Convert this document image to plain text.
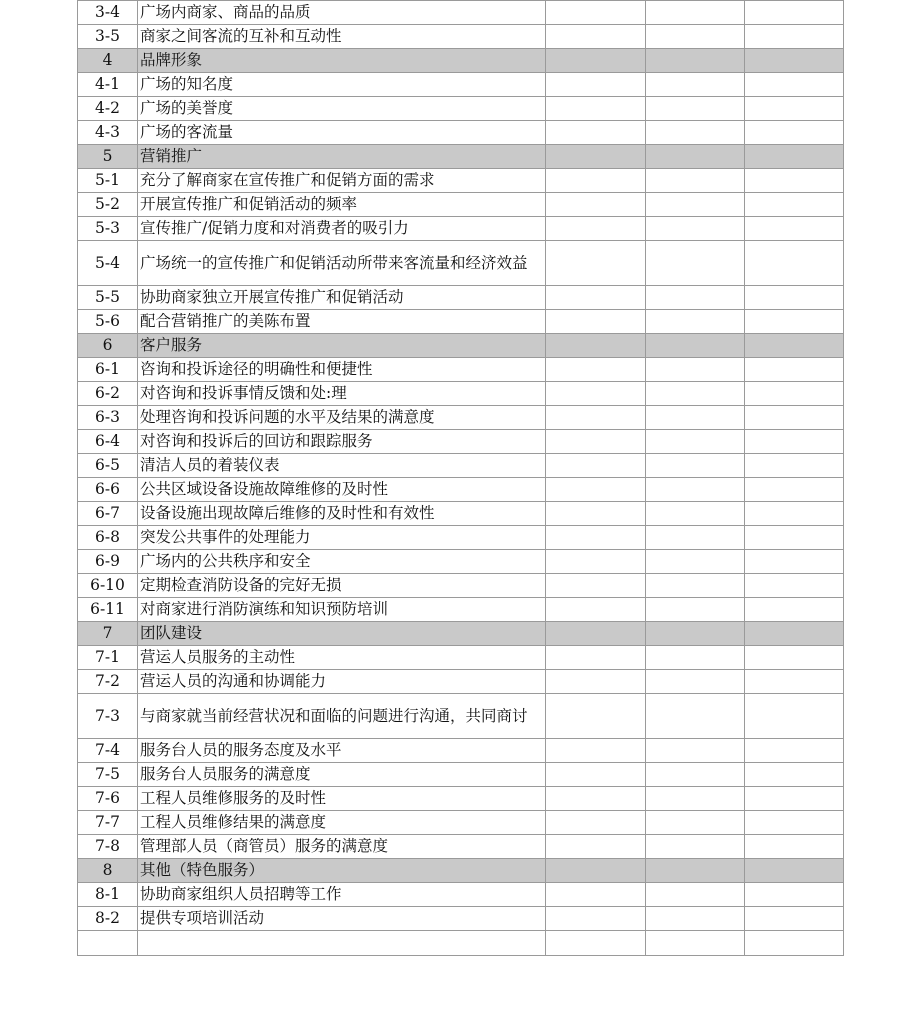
3-4	广场内商家、商品的品质			
3-5	商家之间客流的互补和互动性			
4	品牌形象			
4-1	广场的知名度			
4-2	广场的美誉度			
4-3	广场的客流量			
5	营销推广			
5-1	充分了解商家在宣传推广和促销方面的需求			
5-2	开展宣传推广和促销活动的频率			
5-3	宣传推广/促销力度和对消费者的吸引力			
5-4	广场统一的宣传推广和促销活动所带来客流量和经济效益			
5-5	协助商家独立开展宣传推广和促销活动			
5-6	配合营销推广的美陈布置			
6	客户服务			
6-1	咨询和投诉途径的明确性和便捷性			
6-2	对咨询和投诉事情反馈和处:理			
6-3	处理咨询和投诉问题的水平及结果的满意度			
6-4	对咨询和投诉后的回访和跟踪服务			
6-5	清洁人员的着装仪表			
6-6	公共区域设备设施故障维修的及时性			
6-7	设备设施出现故障后维修的及时性和有效性			
6-8	突发公共事件的处理能力			
6-9	广场内的公共秩序和安全			
6-10	定期检查消防设备的完好无损			
6-11	对商家进行消防演练和知识预防培训			
7	团队建设			
7-1	营运人员服务的主动性			
7-2	营运人员的沟通和协调能力			
7-3	与商家就当前经营状况和面临的问题进行沟通，共同商讨			
7-4	服务台人员的服务态度及水平			
7-5	服务台人员服务的满意度			
7-6	工程人员维修服务的及时性			
7-7	工程人员维修结果的满意度			
7-8	管理部人员（商管员）服务的满意度			
8	其他（特色服务）			
8-1	协助商家组织人员招聘等工作			
8-2	提供专项培训活动			
